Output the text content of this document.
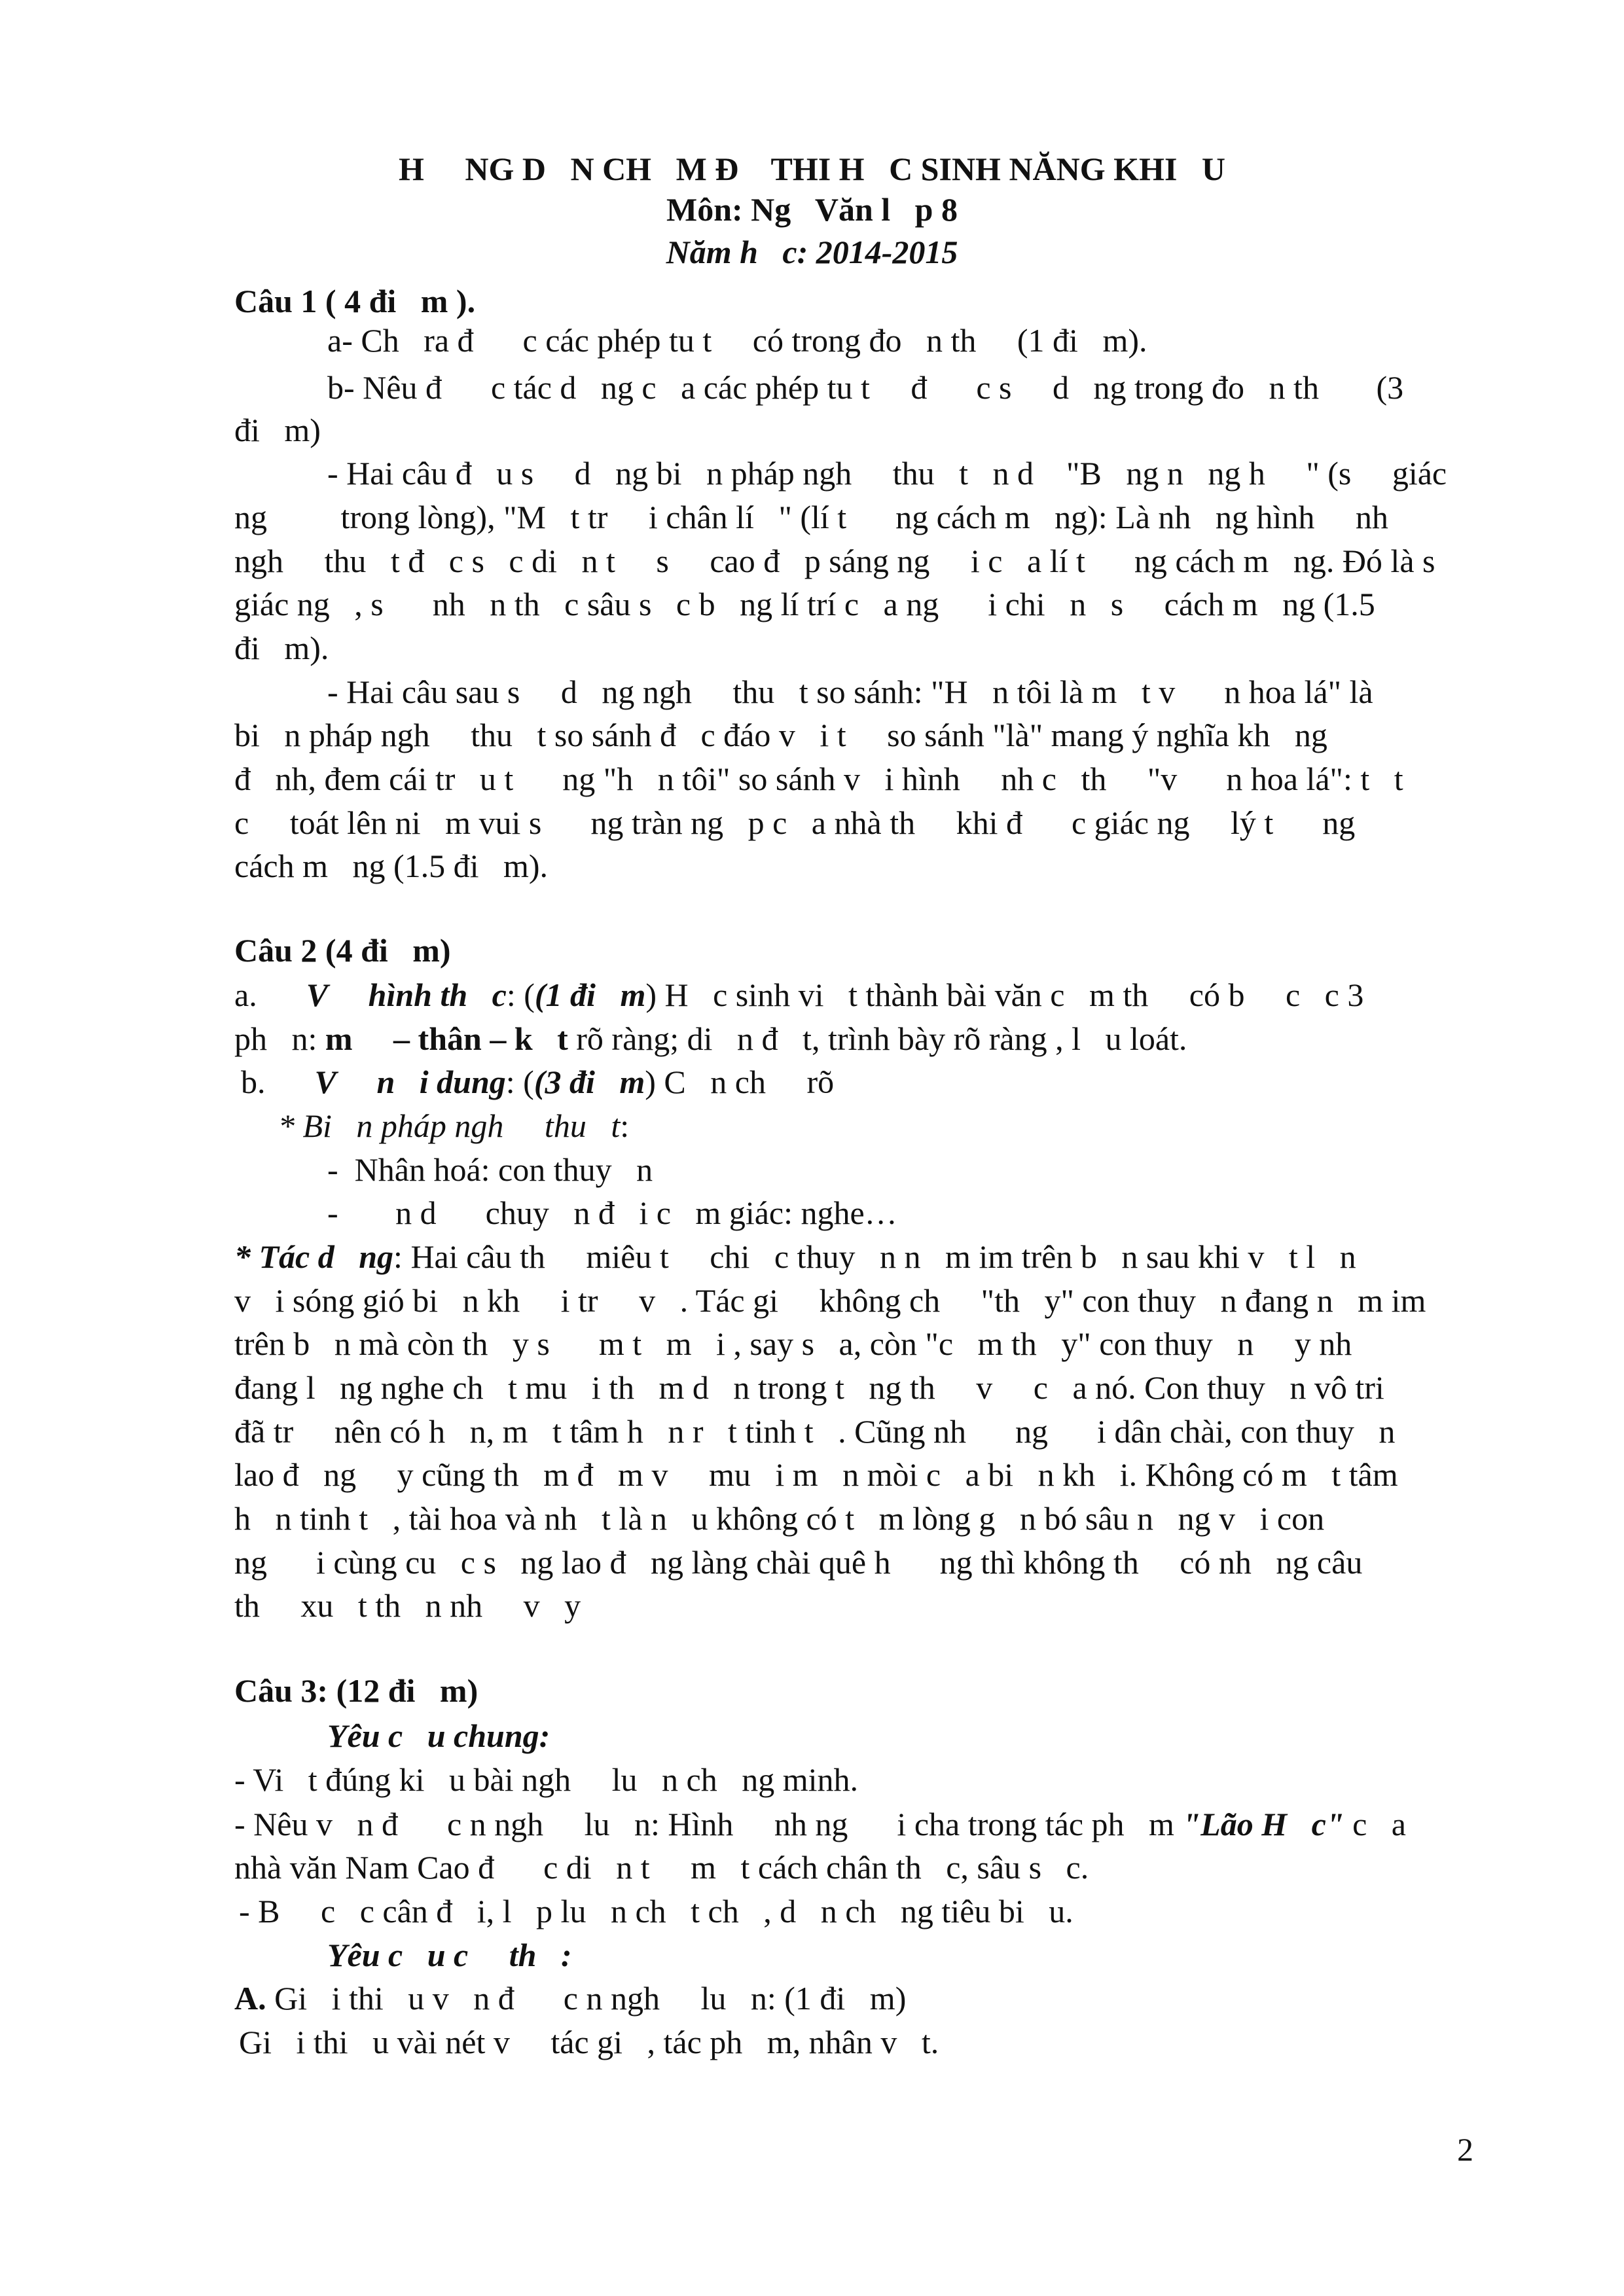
H     NG D   N CH   M Đ    THI H   C SINH NĂNG KHI   U
Môn: Ng   Văn l   p 8
Năm h   c: 2014-2015
Câu 1 ( 4 đi   m ).
a- Ch   ra đ      c các phép tu t     có trong đo   n th     (1 đi   m).
b- Nêu đ      c tác d   ng c   a các phép tu t     đ      c s     d   ng trong đo   n th       (3
đi   m)
- Hai câu đ   u s     d   ng bi   n pháp ngh     thu   t   n d    "B   ng n   ng h     " (s     giác
ng         trong lòng), "M   t tr     i chân lí   " (lí t      ng cách m   ng): Là nh   ng hình     nh
ngh     thu   t đ   c s   c di   n t     s     cao đ   p sáng ng     i c   a lí t      ng cách m   ng. Đó là s
giác ng   , s      nh   n th   c sâu s   c b   ng lí trí c   a ng      i chi   n   s     cách m   ng (1.5
đi   m).
- Hai câu sau s     d   ng ngh     thu   t so sánh: "H   n tôi là m   t v      n hoa lá" là
bi   n pháp ngh     thu   t so sánh đ   c đáo v   i t     so sánh "là" mang ý nghĩa kh   ng
đ   nh, đem cái tr   u t      ng "h   n tôi" so sánh v   i hình     nh c   th     "v      n hoa lá": t   t
c     toát lên ni   m vui s      ng tràn ng   p c   a nhà th     khi đ      c giác ng     lý t      ng
cách m   ng (1.5 đi   m).
Câu 2 (4 đi   m)
a. V     hình th   c: ((1 đi   m) H   c sinh vi   t thành bài văn c   m th     có b     c   c 3
ph   n: m     – thân – k   t rõ ràng; di   n đ   t, trình bày rõ ràng , l   u loát.
b. V     n   i dung: ((3 đi   m) C   n ch     rõ
* Bi   n pháp ngh     thu   t:
-  Nhân hoá: con thuy   n
-       n d      chuy   n đ   i c   m giác: nghe…
* Tác d   ng: Hai câu th     miêu t     chi   c thuy   n n   m im trên b   n sau khi v   t l   n
v   i sóng gió bi   n kh     i tr     v   . Tác gi     không ch     "th   y" con thuy   n đang n   m im
trên b   n mà còn th   y s      m t   m   i , say s   a, còn "c   m th   y" con thuy   n     y nh
đang l   ng nghe ch   t mu   i th   m d   n trong t   ng th     v     c   a nó. Con thuy   n vô tri
đã tr     nên có h   n, m   t tâm h   n r   t tinh t   . Cũng nh      ng      i dân chài, con thuy   n
lao đ   ng     y cũng th   m đ   m v     mu   i m   n mòi c   a bi   n kh   i. Không có m   t tâm
h   n tinh t   , tài hoa và nh   t là n   u không có t   m lòng g   n bó sâu n   ng v   i con
ng      i cùng cu   c s   ng lao đ   ng làng chài quê h      ng thì không th     có nh   ng câu
th     xu   t th   n nh     v   y
Câu 3: (12 đi   m)
Yêu c   u chung:
- Vi   t đúng ki   u bài ngh     lu   n ch   ng minh.
- Nêu v   n đ      c n ngh     lu   n: Hình     nh ng      i cha trong tác ph   m "Lão H   c" c   a
nhà văn Nam Cao đ      c di   n t     m   t cách chân th   c, sâu s   c.
- B     c   c cân đ   i, l   p lu   n ch   t ch   , d   n ch   ng tiêu bi   u.
Yêu c   u c     th   :
A. Gi   i thi   u v   n đ      c n ngh     lu   n: (1 đi   m)
Gi   i thi   u vài nét v     tác gi   , tác ph   m, nhân v   t.
2
